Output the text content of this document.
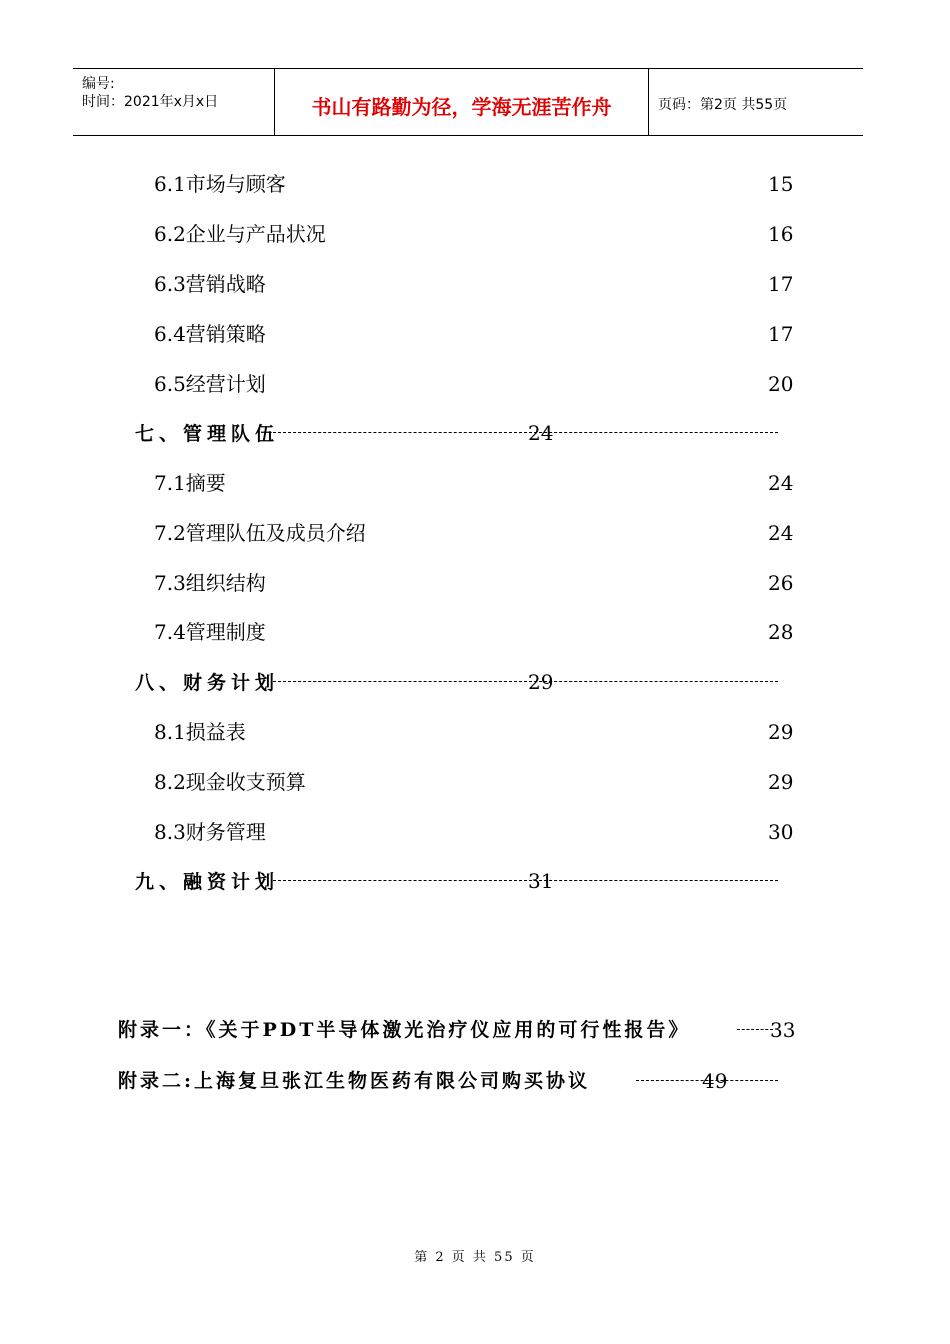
编号:
时间：2021年x月x日	书山有路勤为径，学海无涯苦作舟	页码：第2页 共55页
6.1市场与顾客	15
6.2企业与产品状况	16
6.3营销战略	17
6.4营销策略	17
6.5经营计划	20
七、管理队伍	24
7.1摘要	24
7.2管理队伍及成员介绍	24
7.3组织结构	26
7.4管理制度	28
八、财务计划	29
8.1损益表	29
8.2现金收支预算	29
8.3财务管理	30
九、融资计划	31
附录一：《关于PDT半导体激光治疗仪应用的可行性报告》	33
附录二:上海复旦张江生物医药有限公司购买协议	49
第 2 页 共 55 页
